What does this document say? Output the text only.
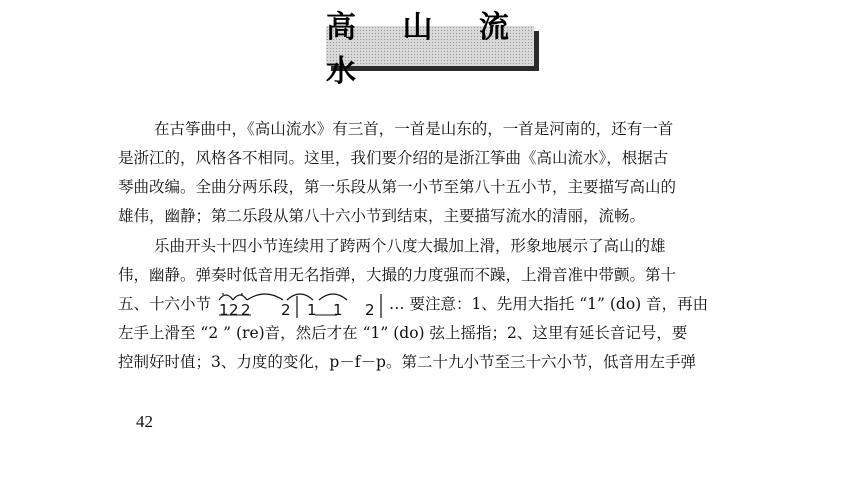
高 山 流 水
在古筝曲中，《高山流水》有三首，一首是山东的，一首是河南的，还有一首
是浙江的，风格各不相同。这里，我们要介绍的是浙江筝曲《高山流水》，根据古
琴曲改编。全曲分两乐段，第一乐段从第一小节至第八十五小节，主要描写高山的
雄伟，幽静；第二乐段从第八十六小节到结束，主要描写流水的清丽，流畅。
乐曲开头十四小节连续用了跨两个八度大撮加上滑，形象地展示了高山的雄
伟，幽静。弹奏时低音用无名指弹，大撮的力度强而不躁，上滑音准中带颤。第十
五、十六小节 1 2 2 2 1 1 2 … 要注意：1、先用大指托 “1” (do) 音，再由
左手上滑至 “2 ” (re)音，然后才在 “1” (do) 弦上摇指；2、这里有延长音记号，要
控制好时值；3、力度的变化，p－f－p。第二十九小节至三十六小节，低音用左手弹
42
